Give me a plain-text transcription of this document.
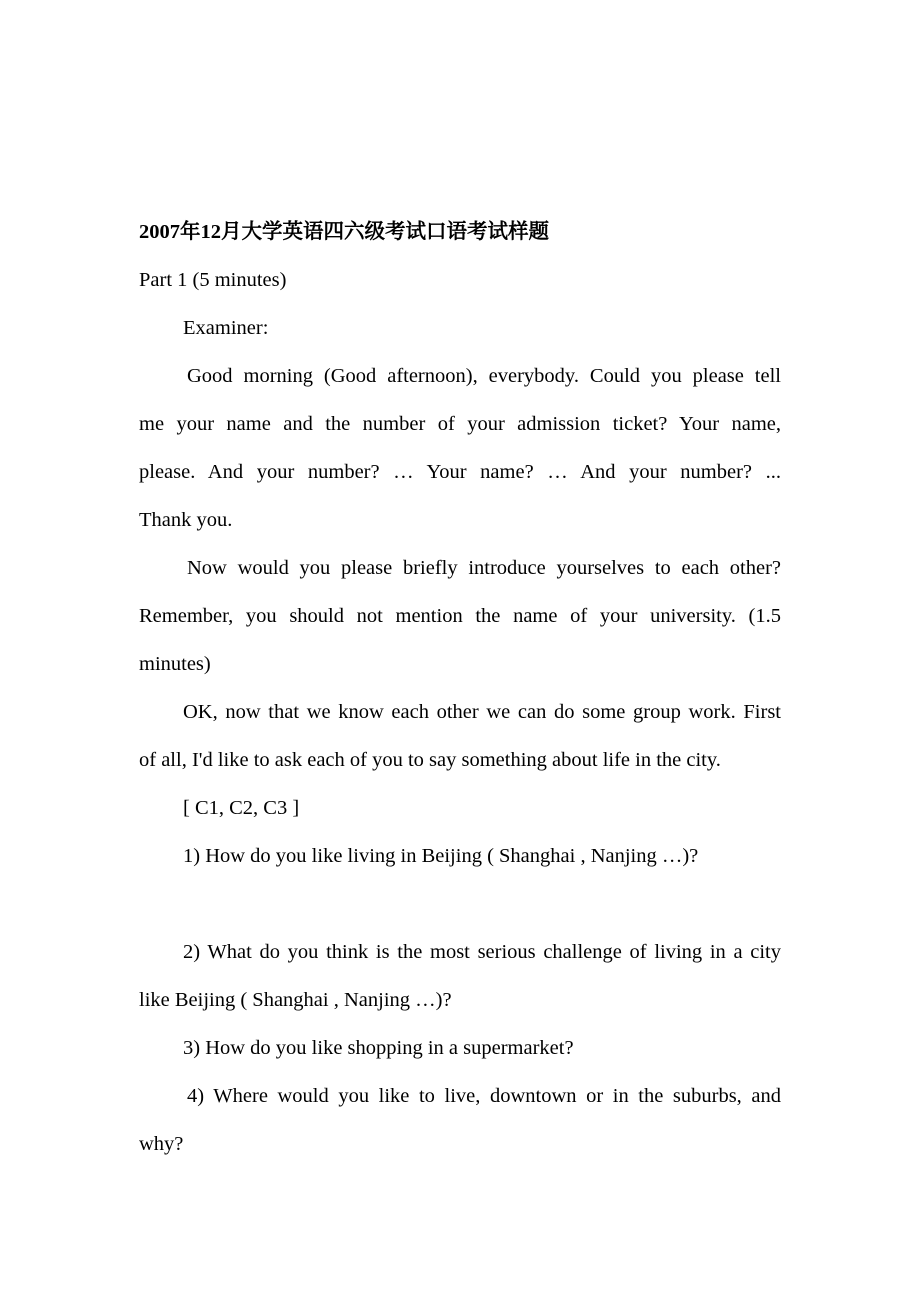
2007年12月大学英语四六级考试口语考试样题

Part 1 (5 minutes)

Examiner:

Good morning (Good afternoon), everybody. Could you please tell

me your name and the number of your admission ticket? Your name,

please. And your number? … Your name? … And your number? ...

Thank you.

Now would you please briefly introduce yourselves to each other?

Remember, you should not mention the name of your university. (1.5

minutes)

OK, now that we know each other we can do some group work. First

of all, I'd like to ask each of you to say something about life in the city.

[ C1, C2, C3 ]

1) How do you like living in Beijing ( Shanghai , Nanjing …)?

2) What do you think is the most serious challenge of living in a city

like Beijing ( Shanghai , Nanjing …)?

3) How do you like shopping in a supermarket?

4) Where would you like to live, downtown or in the suburbs, and

why?
